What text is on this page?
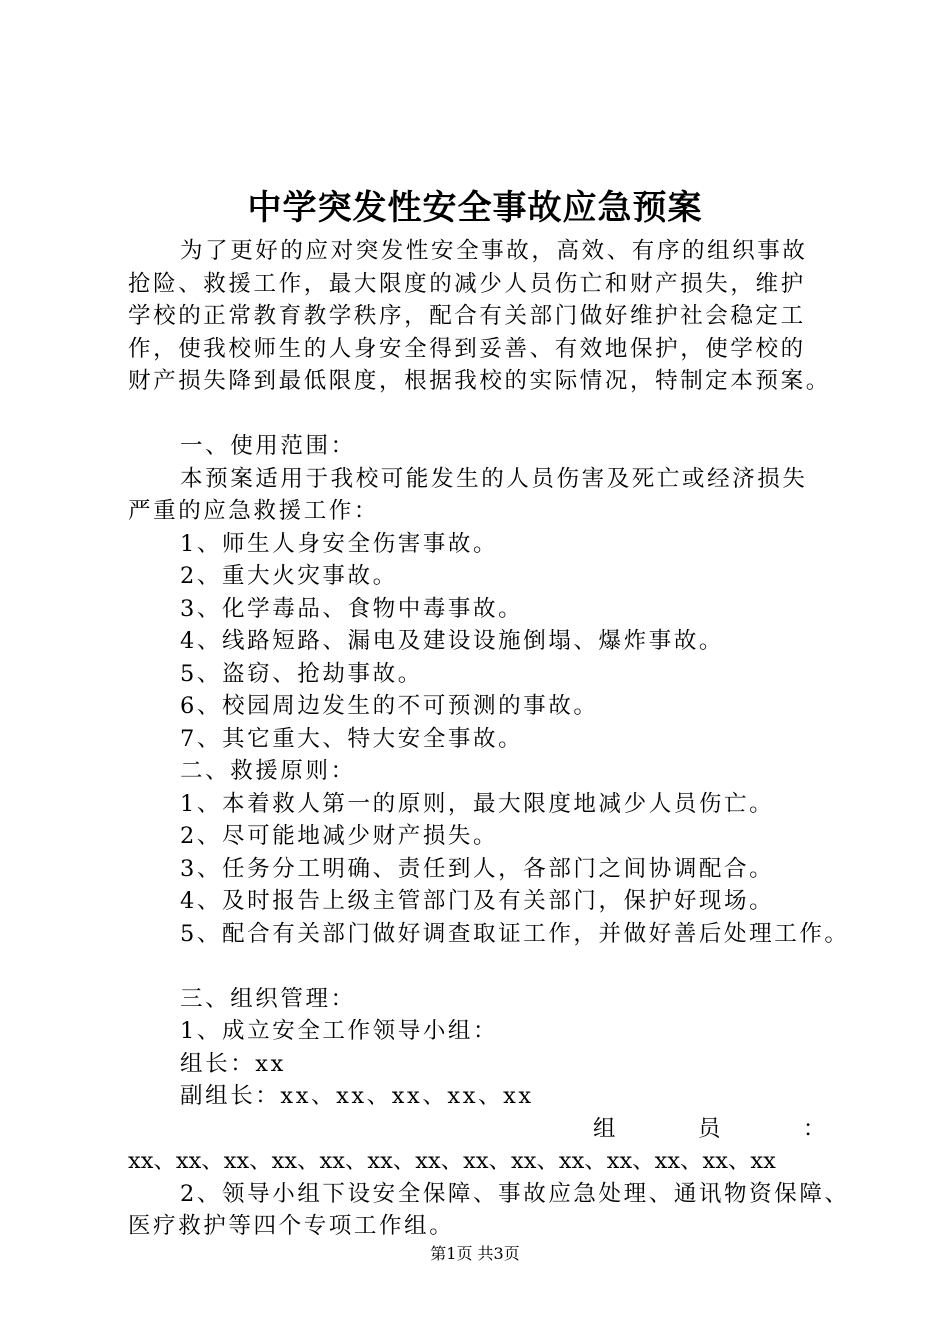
中学突发性安全事故应急预案

为了更好的应对突发性安全事故，高效、有序的组织事故

抢险、救援工作，最大限度的减少人员伤亡和财产损失，维护

学校的正常教育教学秩序，配合有关部门做好维护社会稳定工

作，使我校师生的人身安全得到妥善、有效地保护，使学校的

财产损失降到最低限度，根据我校的实际情况，特制定本预案。

一、使用范围：

本预案适用于我校可能发生的人员伤害及死亡或经济损失

严重的应急救援工作：

1、师生人身安全伤害事故。

2、重大火灾事故。

3、化学毒品、食物中毒事故。

4、线路短路、漏电及建设设施倒塌、爆炸事故。

5、盗窃、抢劫事故。

6、校园周边发生的不可预测的事故。

7、其它重大、特大安全事故。

二、救援原则：

1、本着救人第一的原则，最大限度地减少人员伤亡。

2、尽可能地减少财产损失。

3、任务分工明确、责任到人，各部门之间协调配合。

4、及时报告上级主管部门及有关部门，保护好现场。

5、配合有关部门做好调查取证工作，并做好善后处理工作。

三、组织管理：

1、成立安全工作领导小组：

组长：xx

副组长：xx、xx、xx、xx、xx

组	员	：

xx、xx、xx、xx、xx、xx、xx、xx、xx、xx、xx、xx、xx、xx

2、领导小组下设安全保障、事故应急处理、通讯物资保障、

医疗救护等四个专项工作组。

第1页 共3页
